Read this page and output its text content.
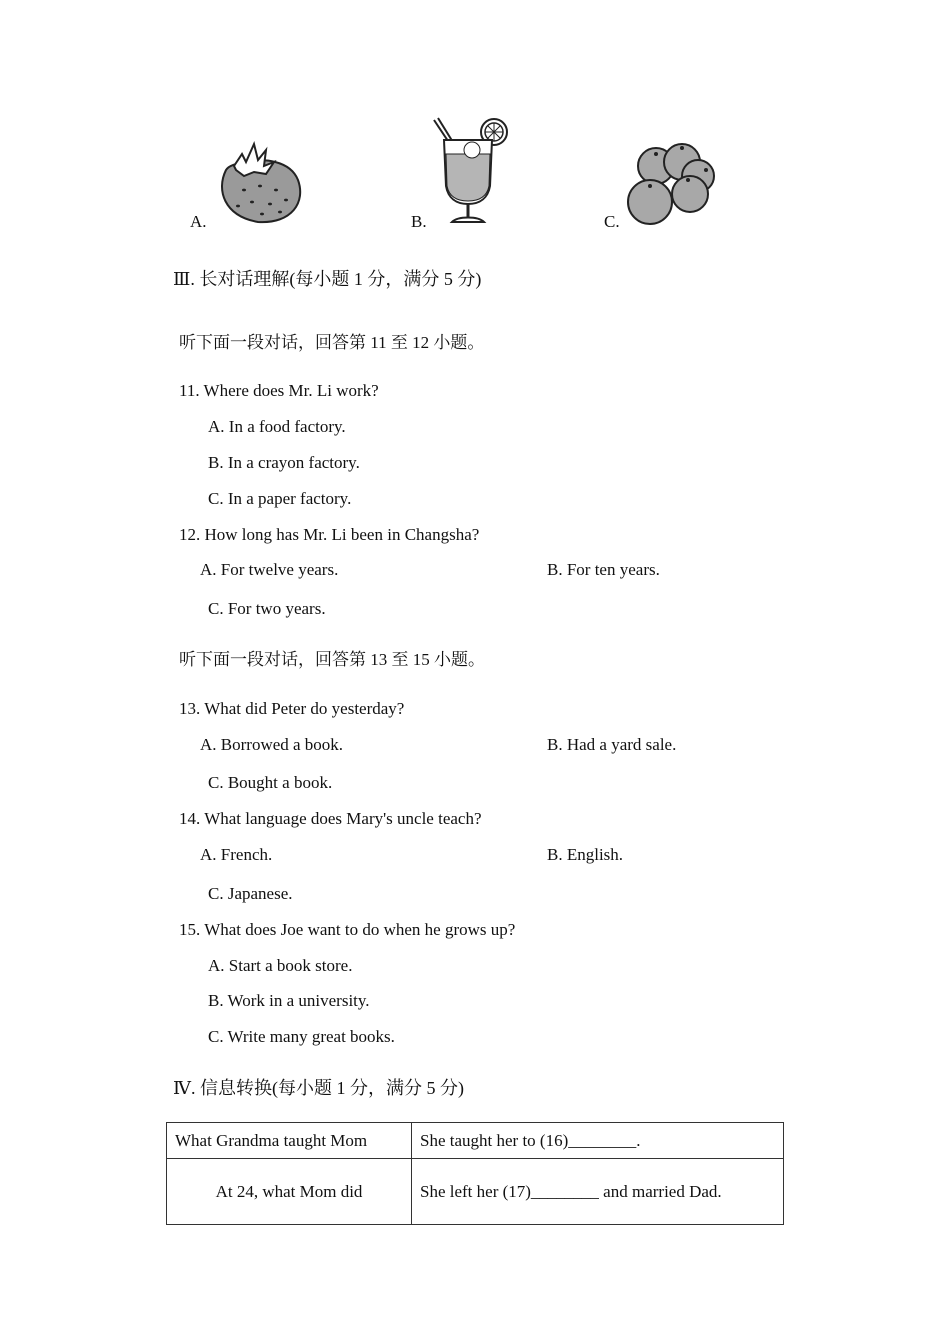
A.	B.	C.
Ⅲ. 长对话理解(每小题 1 分，满分 5 分)
听下面一段对话，回答第 11 至 12 小题。
11. Where does Mr. Li work?
A. In a food factory.
B. In a crayon factory.
C. In a paper factory.
12. How long has Mr. Li been in Changsha?
A. For twelve years.	B. For ten years.
C. For two years.
听下面一段对话，回答第 13 至 15 小题。
13. What did Peter do yesterday?
A. Borrowed a book.	B. Had a yard sale.
C. Bought a book.
14. What language does Mary's uncle teach?
A. French.	B. English.
C. Japanese.
15. What does Joe want to do when he grows up?
A. Start a book store.
B. Work in a university.
C. Write many great books.
Ⅳ. 信息转换(每小题 1 分，满分 5 分)
What Grandma taught Mom	She taught her to (16)________.
At 24, what Mom did	She left her (17)________ and married Dad.
